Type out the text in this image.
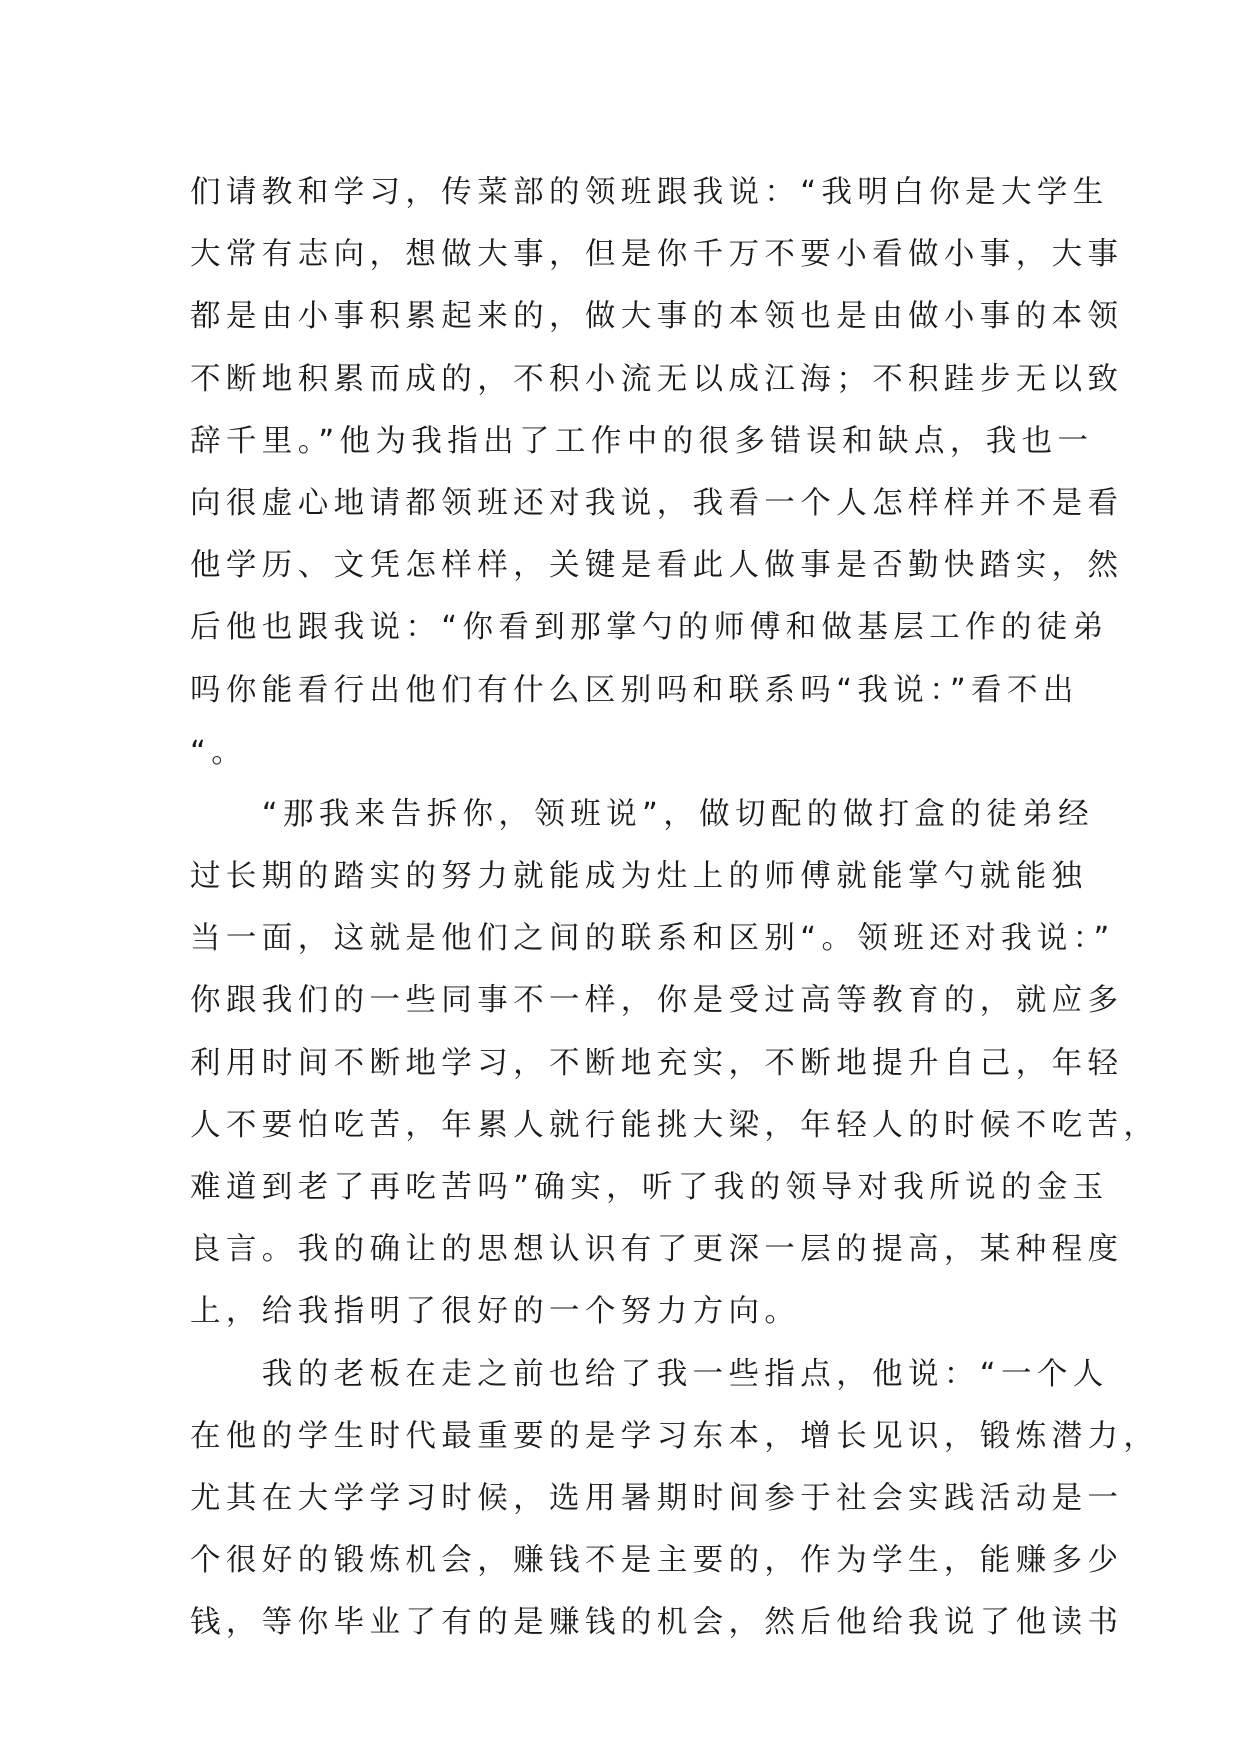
们请教和学习，传菜部的领班跟我说：“我明白你是大学生
大常有志向，想做大事，但是你千万不要小看做小事，大事
都是由小事积累起来的，做大事的本领也是由做小事的本领
不断地积累而成的，不积小流无以成江海；不积跬步无以致
辞千里。”他为我指出了工作中的很多错误和缺点，我也一
向很虚心地请都领班还对我说，我看一个人怎样样并不是看
他学历、文凭怎样样，关键是看此人做事是否勤快踏实，然
后他也跟我说：“你看到那掌勺的师傅和做基层工作的徒弟
吗你能看行出他们有什么区别吗和联系吗“我说：”看不出
“。
　　“那我来告拆你，领班说”，做切配的做打盒的徒弟经
过长期的踏实的努力就能成为灶上的师傅就能掌勺就能独
当一面，这就是他们之间的联系和区别“。领班还对我说：”
你跟我们的一些同事不一样，你是受过高等教育的，就应多
利用时间不断地学习，不断地充实，不断地提升自己，年轻
人不要怕吃苦，年累人就行能挑大梁，年轻人的时候不吃苦，
难道到老了再吃苦吗”确实，听了我的领导对我所说的金玉
良言。我的确让的思想认识有了更深一层的提高，某种程度
上，给我指明了很好的一个努力方向。
　　我的老板在走之前也给了我一些指点，他说：“一个人
在他的学生时代最重要的是学习东本，增长见识，锻炼潜力，
尤其在大学学习时候，选用暑期时间参于社会实践活动是一
个很好的锻炼机会，赚钱不是主要的，作为学生，能赚多少
钱，等你毕业了有的是赚钱的机会，然后他给我说了他读书
